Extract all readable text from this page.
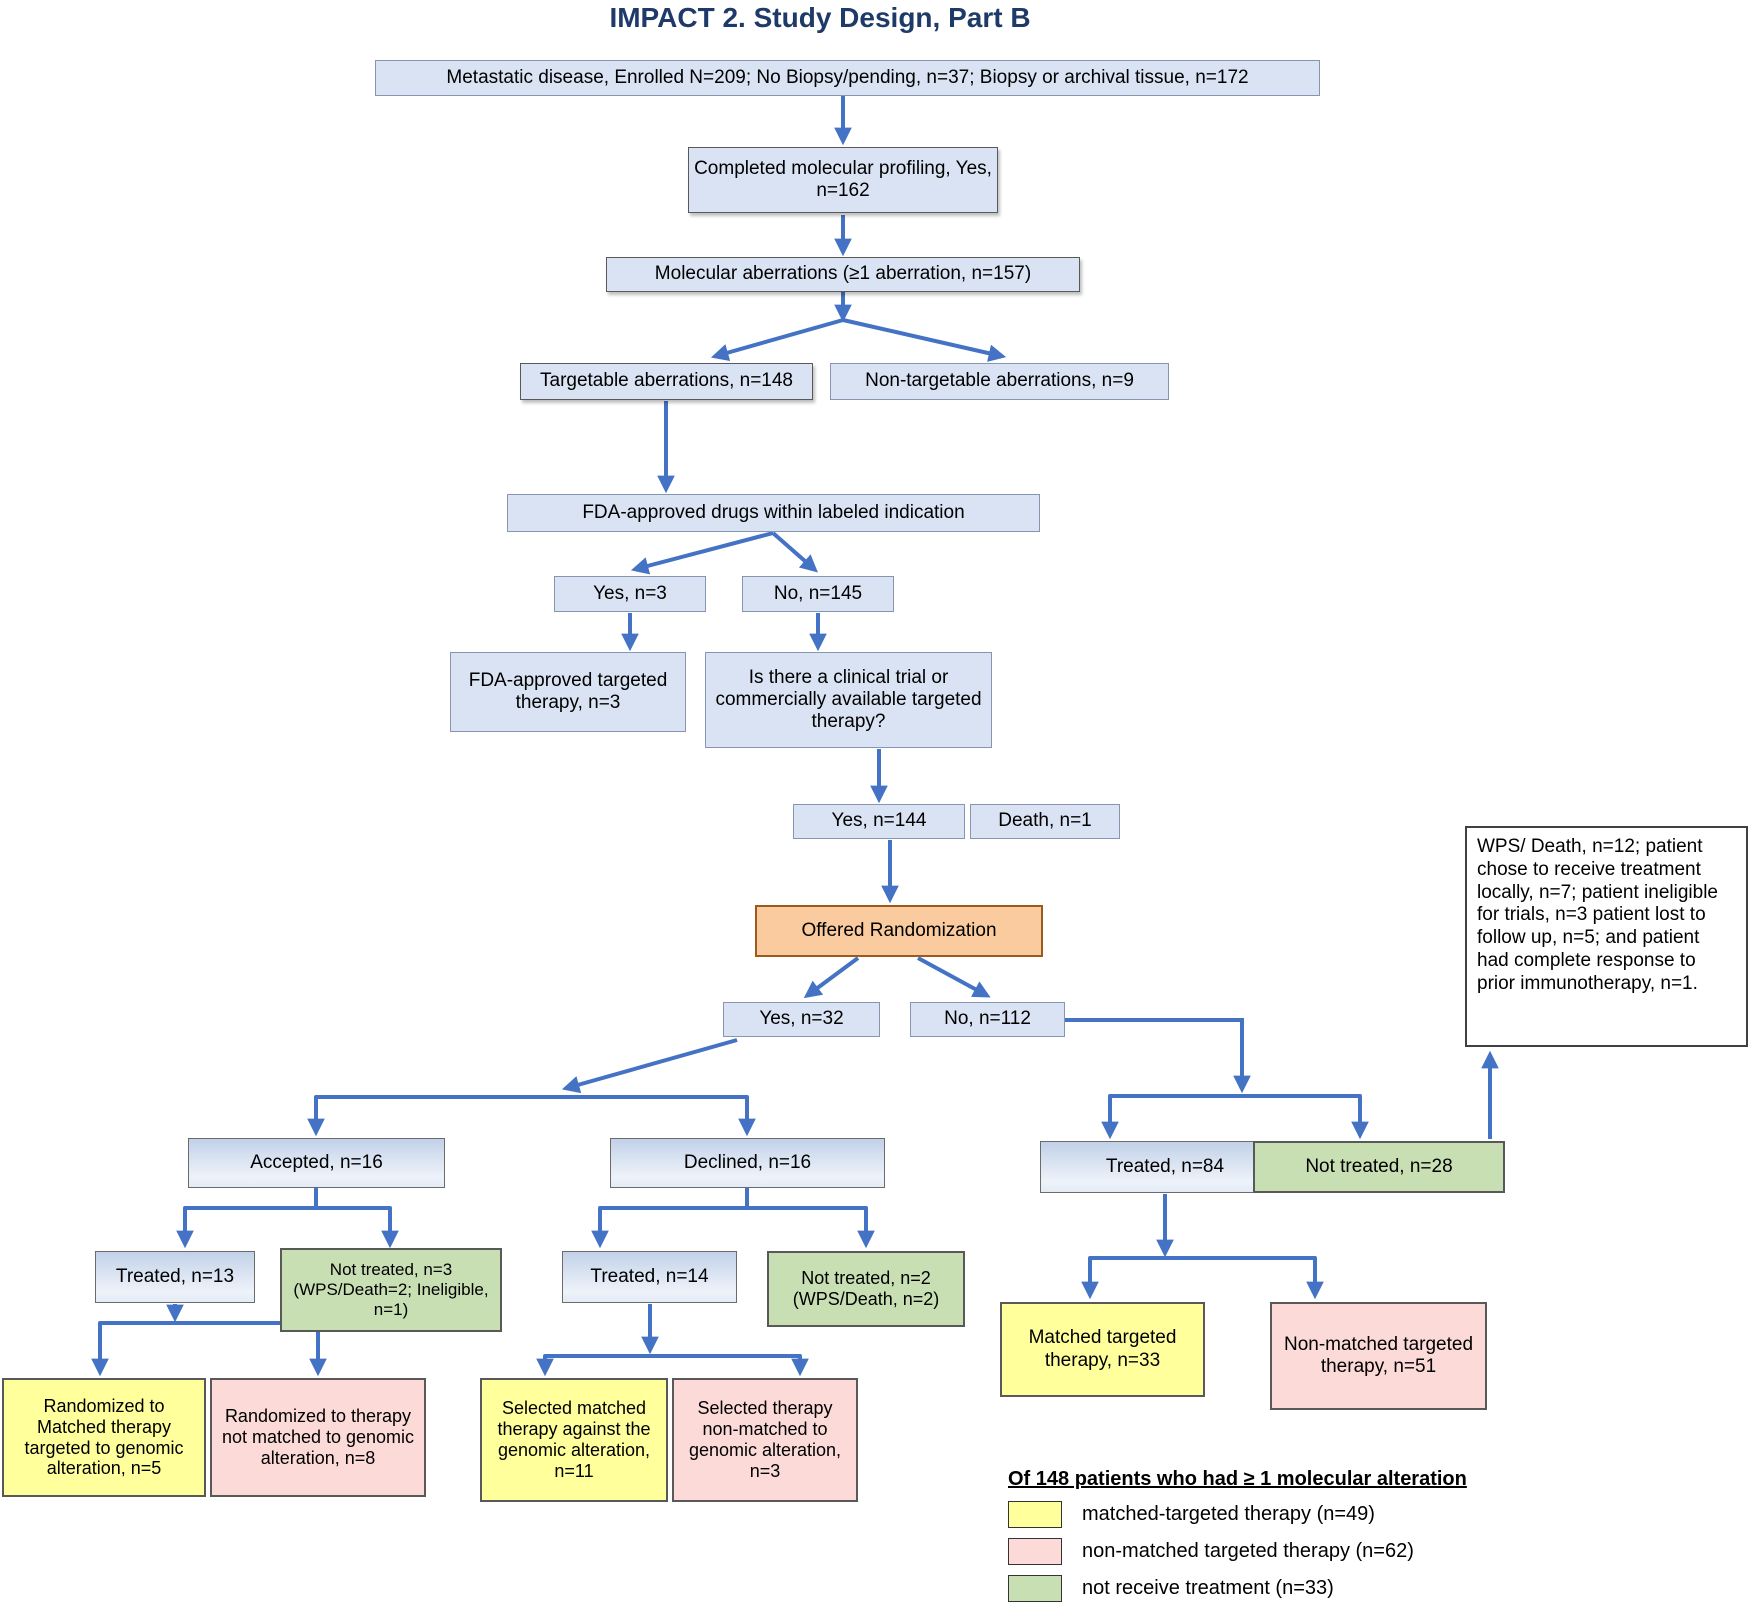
IMPACT 2. Study Design, Part B
Metastatic disease, Enrolled N=209; No Biopsy/pending, n=37; Biopsy or archival tissue, n=172
Completed molecular profiling, Yes, n=162
Molecular aberrations (≥1 aberration, n=157)
Targetable aberrations, n=148	Non-targetable aberrations, n=9
FDA-approved drugs within labeled indication
Yes, n=3	No, n=145
FDA-approved targeted therapy, n=3
Is there a clinical trial or commercially available targeted therapy?
Yes, n=144	Death, n=1
Offered Randomization
Yes, n=32	No, n=112
Accepted, n=16	Declined, n=16	Treated, n=84	Not treated, n=28
Treated, n=13	Not treated, n=3 (WPS/Death=2; Ineligible, n=1)
Treated, n=14	Not treated, n=2 (WPS/Death, n=2)
Randomized to Matched therapy targeted to genomic alteration, n=5
Randomized to therapy not matched to genomic alteration, n=8
Selected matched therapy against the genomic alteration, n=11
Selected therapy non-matched to genomic alteration, n=3
Matched targeted therapy, n=33
Non-matched targeted therapy, n=51
WPS/ Death, n=12; patient chose to receive treatment locally, n=7; patient ineligible for trials, n=3 patient lost to follow up, n=5; and patient had complete response to prior immunotherapy, n=1.
Of 148 patients who had ≥ 1 molecular alteration
matched-targeted therapy (n=49)
non-matched targeted therapy (n=62)
not receive treatment (n=33)
